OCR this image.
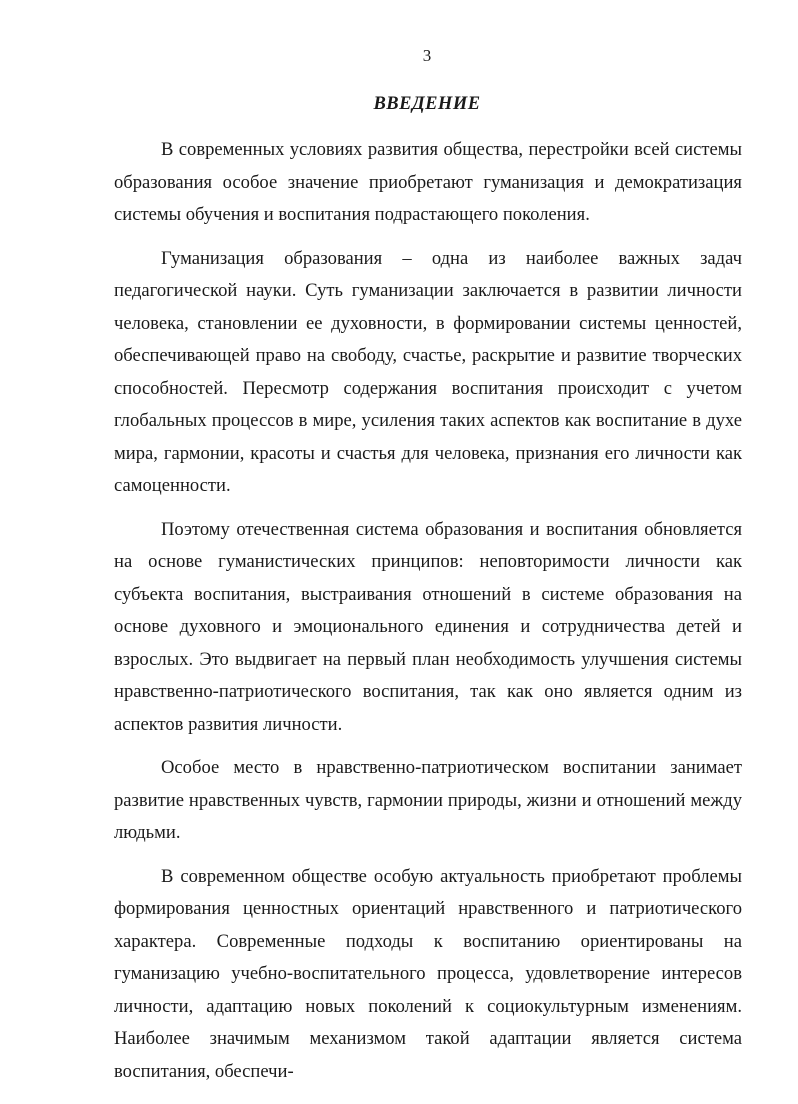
3
ВВЕДЕНИЕ

В современных условиях развития общества, перестройки всей системы образования особое значение приобретают гуманизация и демократизация системы обучения и воспитания подрастающего поколения.

Гуманизация образования – одна из наиболее важных задач педагогической науки. Суть гуманизации заключается в развитии личности человека, становлении ее духовности, в формировании системы ценностей, обеспечивающей право на свободу, счастье, раскрытие и развитие творческих способностей. Пересмотр содержания воспитания происходит с учетом глобальных процессов в мире, усиления таких аспектов как воспитание в духе мира, гармонии, красоты и счастья для человека, признания его личности как самоценности.

Поэтому отечественная система образования и воспитания обновляется на основе гуманистических принципов: неповторимости личности как субъекта воспитания, выстраивания отношений в системе образования на основе духовного и эмоционального единения и сотрудничества детей и взрослых. Это выдвигает на первый план необходимость улучшения системы нравственно-патриотического воспитания, так как оно является одним из аспектов развития личности.

Особое место в нравственно-патриотическом воспитании занимает развитие нравственных чувств, гармонии природы, жизни и отношений между людьми.

В современном обществе особую актуальность приобретают проблемы формирования ценностных ориентаций нравственного и патриотического характера. Современные подходы к воспитанию ориентированы на гуманизацию учебно-воспитательного процесса, удовлетворение интересов личности, адаптацию новых поколений к социокультурным изменениям. Наиболее значимым механизмом такой адаптации является система воспитания, обеспечи-
